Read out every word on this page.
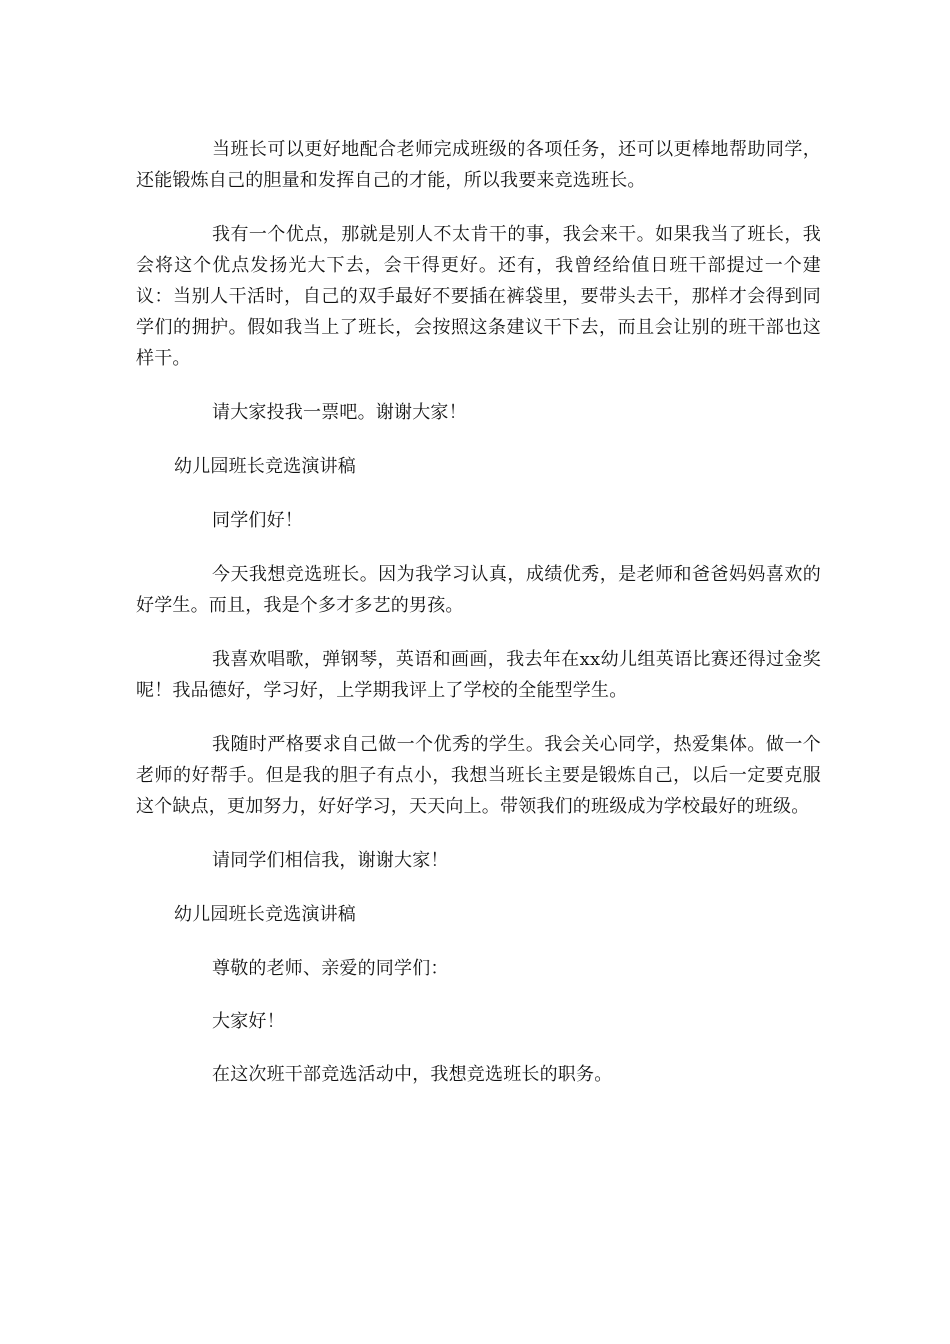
当班长可以更好地配合老师完成班级的各项任务，还可以更棒地帮助同学，还能锻炼自己的胆量和发挥自己的才能，所以我要来竞选班长。

我有一个优点，那就是别人不太肯干的事，我会来干。如果我当了班长，我会将这个优点发扬光大下去，会干得更好。还有，我曾经给值日班干部提过一个建议：当别人干活时，自己的双手最好不要插在裤袋里，要带头去干，那样才会得到同学们的拥护。假如我当上了班长，会按照这条建议干下去，而且会让别的班干部也这样干。

请大家投我一票吧。谢谢大家！

幼儿园班长竞选演讲稿

同学们好！

今天我想竞选班长。因为我学习认真，成绩优秀，是老师和爸爸妈妈喜欢的好学生。而且，我是个多才多艺的男孩。

我喜欢唱歌，弹钢琴，英语和画画，我去年在xx幼儿组英语比赛还得过金奖呢！我品德好，学习好，上学期我评上了学校的全能型学生。

我随时严格要求自己做一个优秀的学生。我会关心同学，热爱集体。做一个老师的好帮手。但是我的胆子有点小，我想当班长主要是锻炼自己，以后一定要克服这个缺点，更加努力，好好学习，天天向上。带领我们的班级成为学校最好的班级。

请同学们相信我，谢谢大家！

幼儿园班长竞选演讲稿

尊敬的老师、亲爱的同学们：

大家好！

在这次班干部竞选活动中，我想竞选班长的职务。
